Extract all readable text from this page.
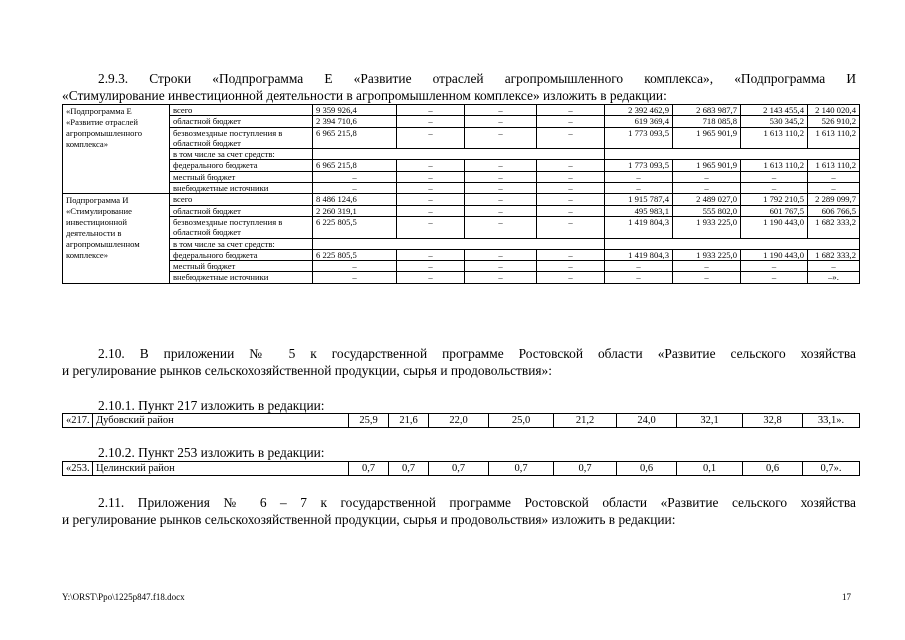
2.9.3. Строки «Подпрограмма Е «Развитие отраслей агропромышленного комплекса», «Подпрограмма И
«Стимулирование инвестиционной деятельности в агропромышленном комплексе» изложить в редакции:
«Подпрограмма Е «Развитие отраслей агропромышленного комплекса»	всего	9 359 926,4	–	–	–	2 392 462,9	2 683 987,7	2 143 455,4	2 140 020,4
	областной бюджет	2 394 710,6	–	–	–	619 369,4	718 085,8	530 345,2	526 910,2
	безвозмездные поступления в областной бюджет	6 965 215,8	–	–	–	1 773 093,5	1 965 901,9	1 613 110,2	1 613 110,2
	в том числе за счет средств:								
	федерального бюджета	6 965 215,8	–	–	–	1 773 093,5	1 965 901,9	1 613 110,2	1 613 110,2
	местный бюджет	–	–	–	–	–	–	–	–
	внебюджетные источники	–	–	–	–	–	–	–	–
Подпрограмма И «Стимулирование инвестиционной деятельности в агропромышленном комплексе»	всего	8 486 124,6	–	–	–	1 915 787,4	2 489 027,0	1 792 210,5	2 289 099,7
	областной бюджет	2 260 319,1	–	–	–	495 983,1	555 802,0	601 767,5	606 766,5
	безвозмездные поступления в областной бюджет	6 225 805,5	–	–	–	1 419 804,3	1 933 225,0	1 190 443,0	1 682 333,2
	в том числе за счет средств:								
	федерального бюджета	6 225 805,5	–	–	–	1 419 804,3	1 933 225,0	1 190 443,0	1 682 333,2
	местный бюджет	–	–	–	–	–	–	–	–
	внебюджетные источники	–	–	–	–	–	–	–	–».
2.10. В приложении № 5 к государственной программе Ростовской области «Развитие сельского хозяйства
и регулирование рынков сельскохозяйственной продукции, сырья и продовольствия»:
2.10.1. Пункт 217 изложить в редакции:
«217.	Дубовский район	25,9	21,6	22,0	25,0	21,2	24,0	32,1	32,8	33,1».
2.10.2. Пункт 253 изложить в редакции:
«253.	Целинский район	0,7	0,7	0,7	0,7	0,7	0,6	0,1	0,6	0,7».
2.11. Приложения № 6 – 7 к государственной программе Ростовской области «Развитие сельского хозяйства
и регулирование рынков сельскохозяйственной продукции, сырья и продовольствия» изложить в редакции:
Y:\ORST\Ppo\1225p847.f18.docx	17
